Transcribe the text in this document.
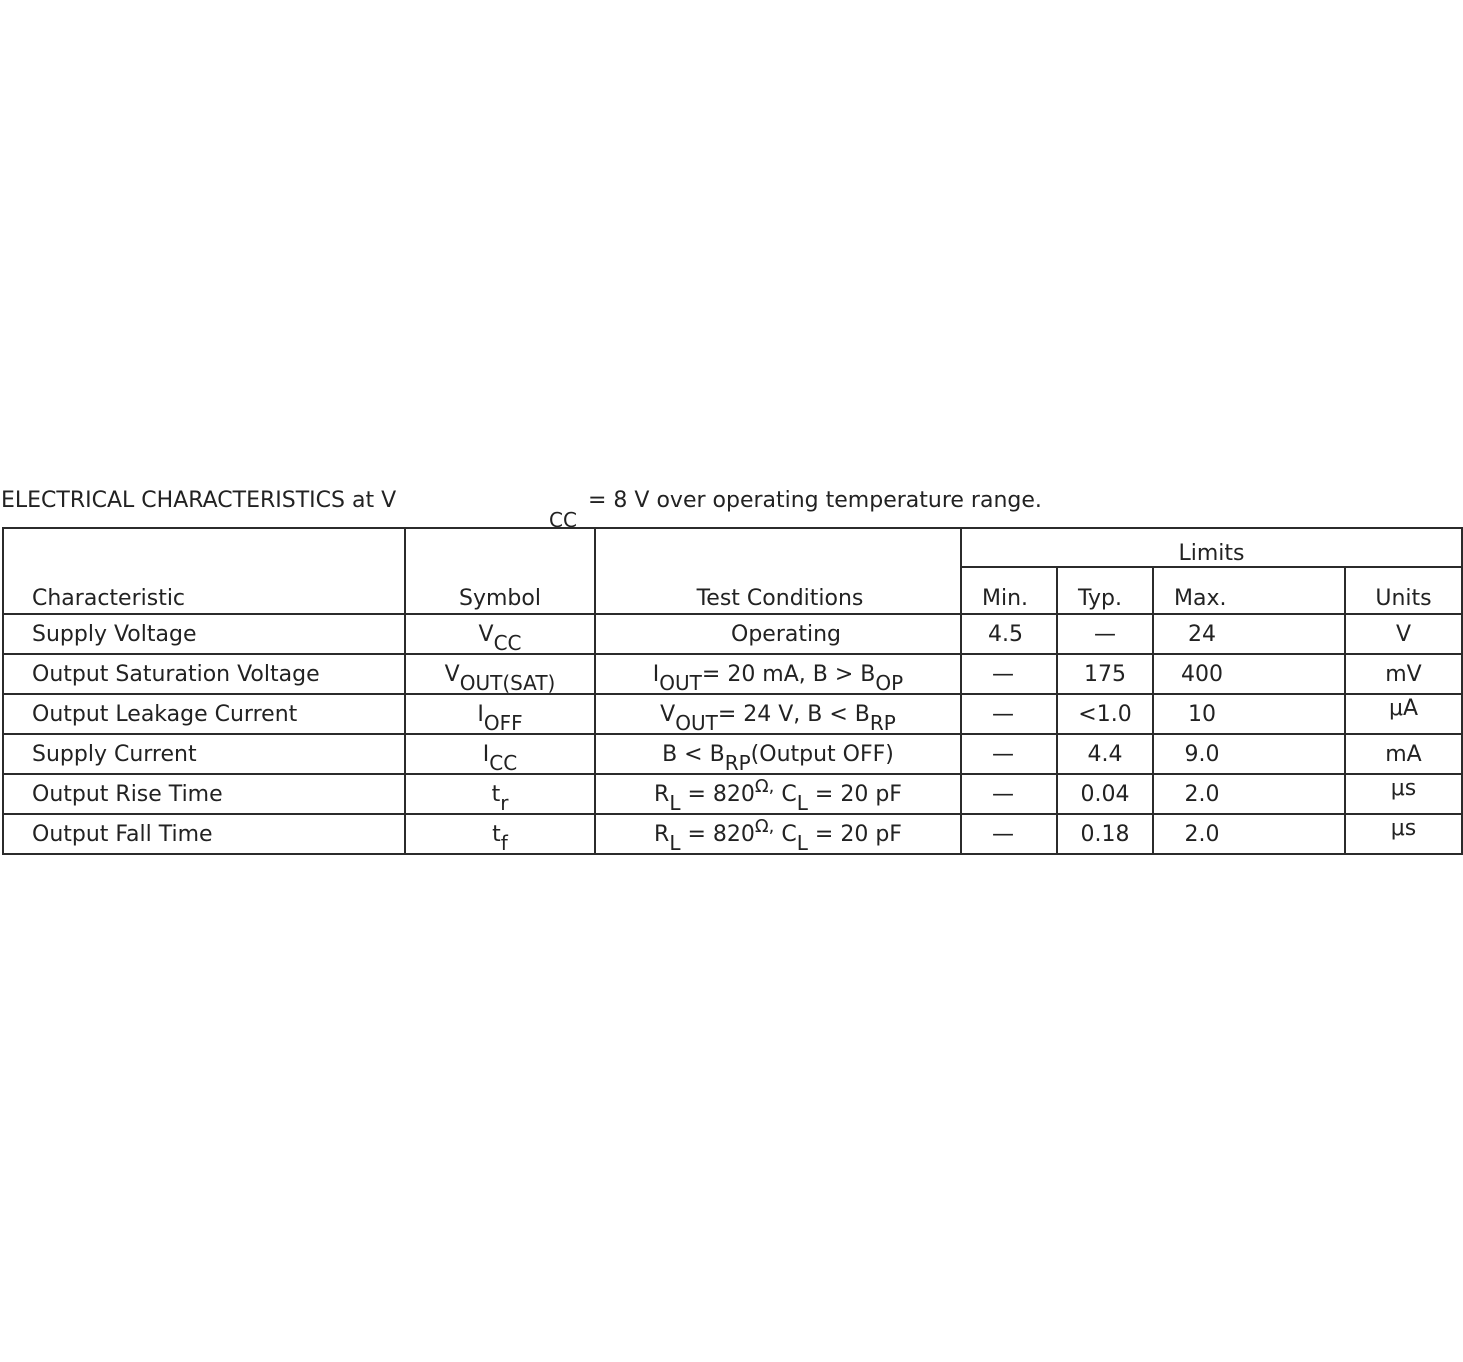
ELECTRICAL CHARACTERISTICS at V
CC
= 8 V over operating temperature range.
Characteristic	Symbol	Test Conditions	Limits			
			Min.	Typ.	Max.	Units
Supply Voltage	VCC	Operating	4.5	—	24	V
Output Saturation Voltage	VOUT(SAT)	IOUT= 20 mA, B > BOP	—	175	400	mV
Output Leakage Current	IOFF	VOUT= 24 V, B < BRP	—	<1.0	10	μA
Supply Current	ICC	B < BRP(Output OFF)	—	4.4	9.0	mA
Output Rise Time	tr	RL = $820^{\Omega,}$ CL = 20 pF	—	0.04	2.0	μs
Output Fall Time	tf	RL = $820^{\Omega,}$ CL = 20 pF	—	0.18	2.0	μs
